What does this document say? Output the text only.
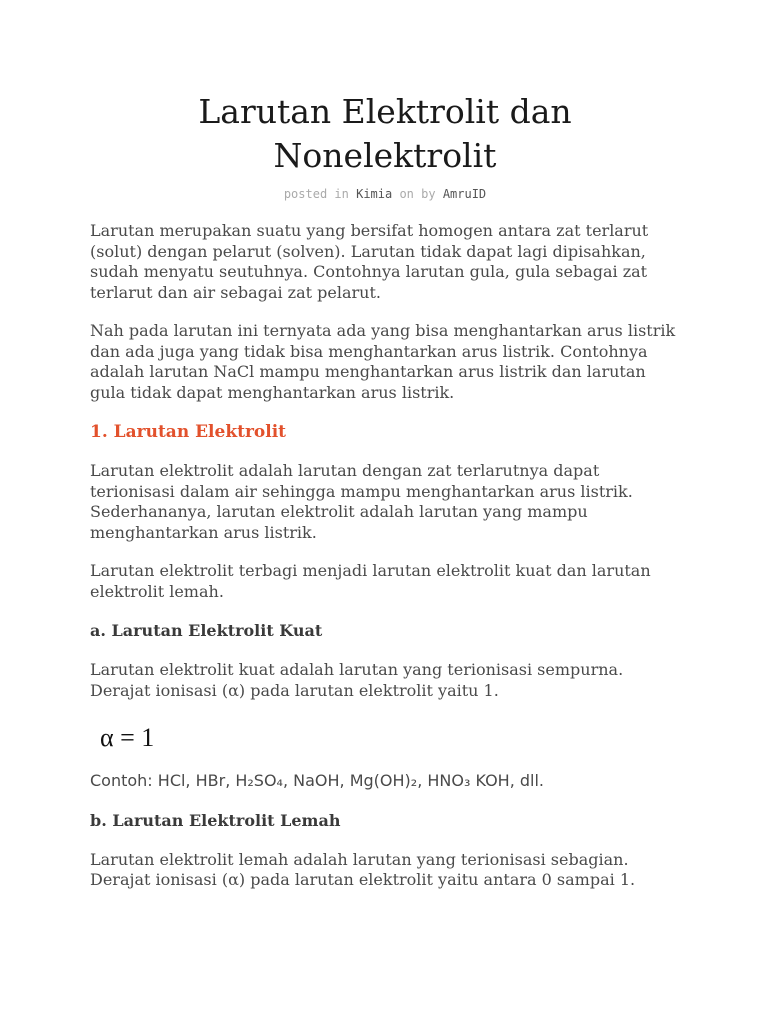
Larutan Elektrolit dan Nonelektrolit
posted in Kimia on by AmruID

Larutan merupakan suatu yang bersifat homogen antara zat terlarut (solut) dengan pelarut (solven). Larutan tidak dapat lagi dipisahkan, sudah menyatu seutuhnya. Contohnya larutan gula, gula sebagai zat terlarut dan air sebagai zat pelarut.

Nah pada larutan ini ternyata ada yang bisa menghantarkan arus listrik dan ada juga yang tidak bisa menghantarkan arus listrik. Contohnya adalah larutan NaCl mampu menghantarkan arus listrik dan larutan gula tidak dapat menghantarkan arus listrik.

1. Larutan Elektrolit

Larutan elektrolit adalah larutan dengan zat terlarutnya dapat terionisasi dalam air sehingga mampu menghantarkan arus listrik. Sederhananya, larutan elektrolit adalah larutan yang mampu menghantarkan arus listrik.

Larutan elektrolit terbagi menjadi larutan elektrolit kuat dan larutan elektrolit lemah.

a. Larutan Elektrolit Kuat

Larutan elektrolit kuat adalah larutan yang terionisasi sempurna. Derajat ionisasi (α) pada larutan elektrolit yaitu 1.

α = 1

Contoh: HCl, HBr, H₂SO₄, NaOH, Mg(OH)₂, HNO₃ KOH, dll.

b. Larutan Elektrolit Lemah

Larutan elektrolit lemah adalah larutan yang terionisasi sebagian. Derajat ionisasi (α) pada larutan elektrolit yaitu antara 0 sampai 1.
